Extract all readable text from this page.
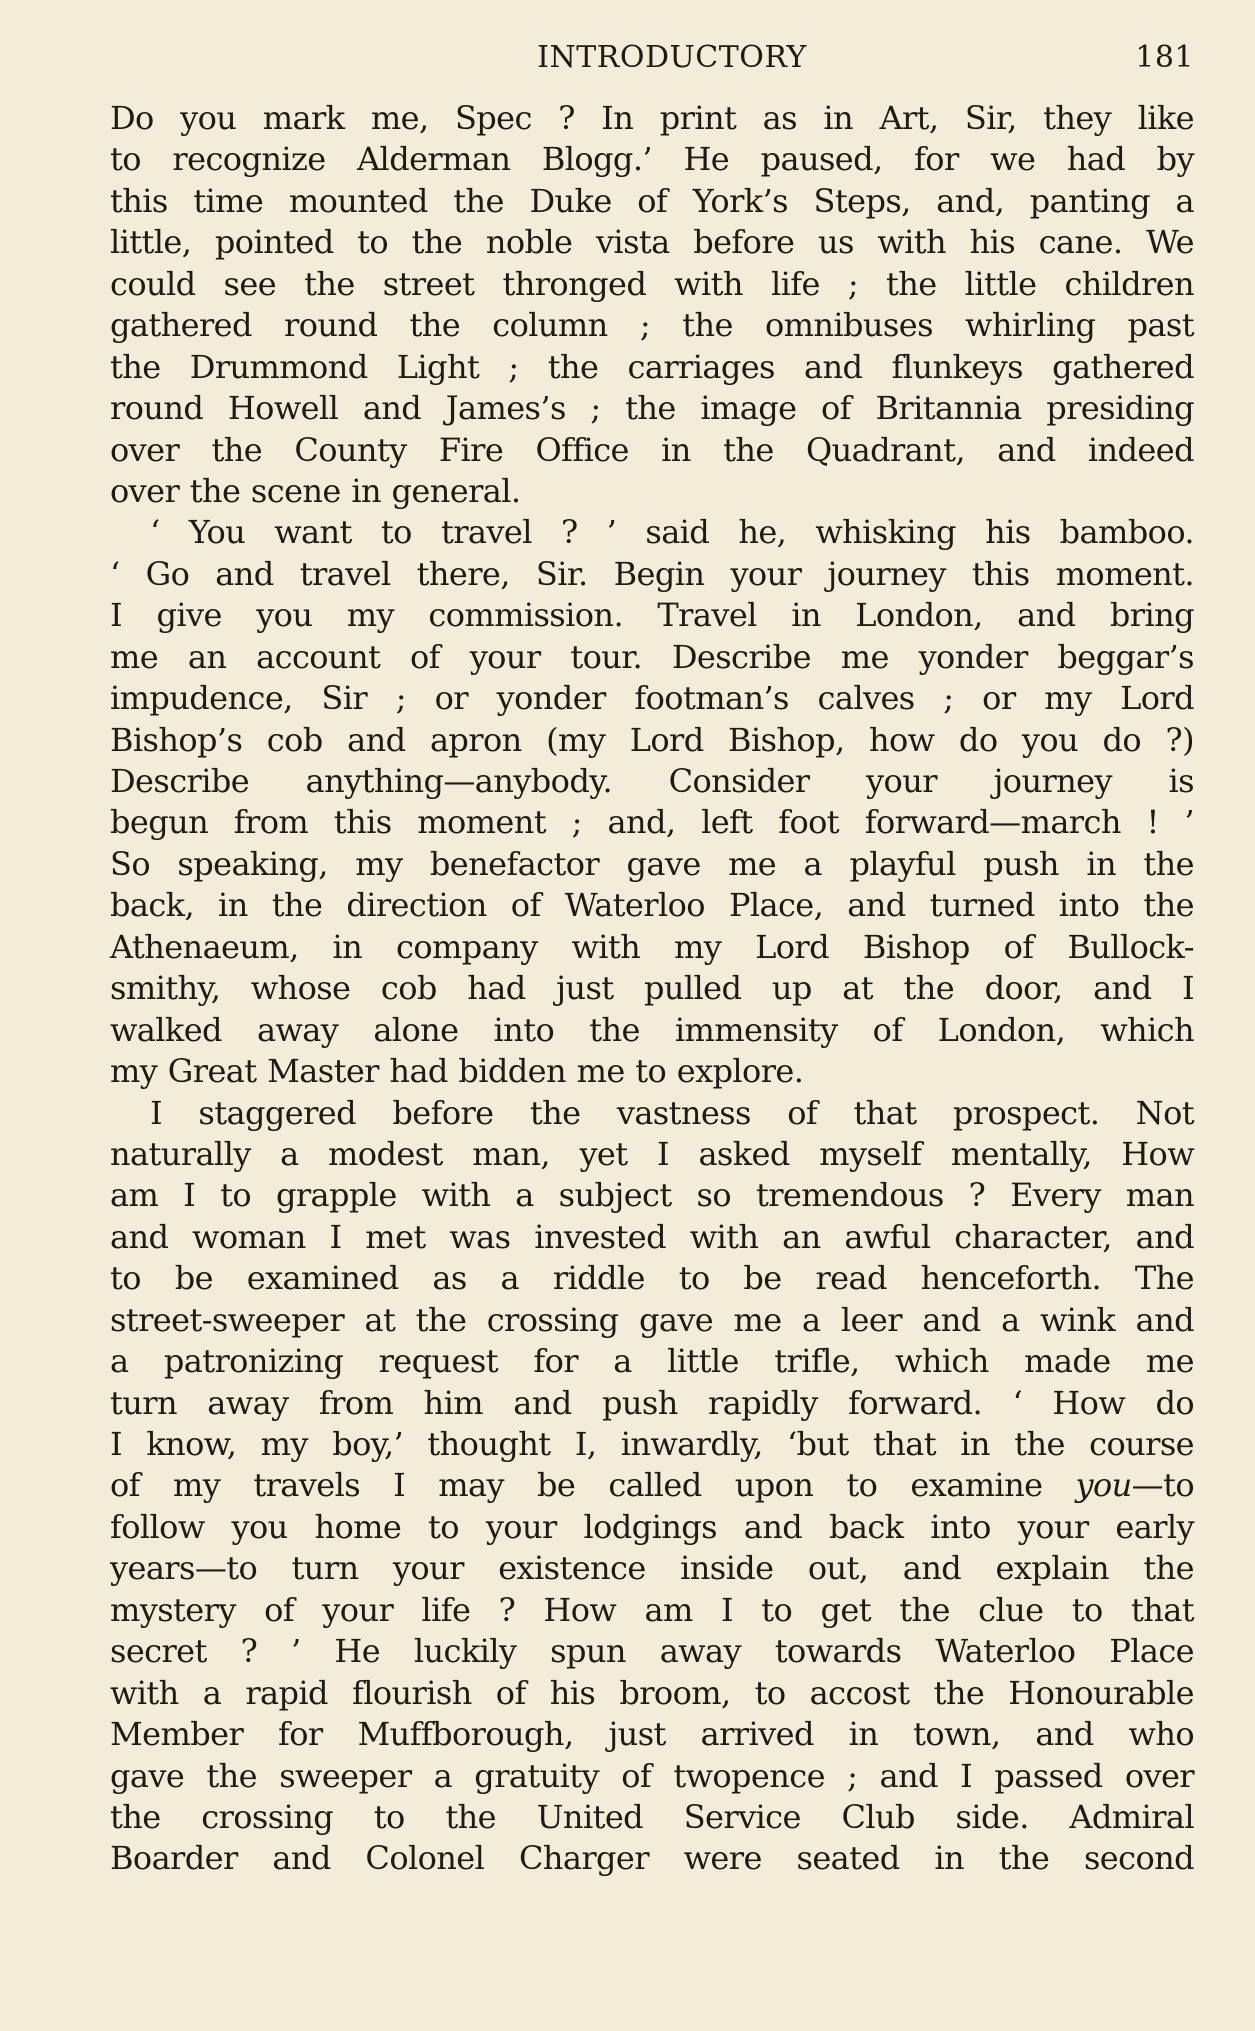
INTRODUCTORY	181
Do you mark me, Spec ? In print as in Art, Sir, they like
to recognize Alderman Blogg.’ He paused, for we had by
this time mounted the Duke of York’s Steps, and, panting a
little, pointed to the noble vista before us with his cane. We
could see the street thronged with life ; the little children
gathered round the column ; the omnibuses whirling past
the Drummond Light ; the carriages and flunkeys gathered
round Howell and James’s ; the image of Britannia presiding
over the County Fire Office in the Quadrant, and indeed
over the scene in general.
‘ You want to travel ? ’ said he, whisking his bamboo.
‘ Go and travel there, Sir. Begin your journey this moment.
I give you my commission. Travel in London, and bring
me an account of your tour. Describe me yonder beggar’s
impudence, Sir ; or yonder footman’s calves ; or my Lord
Bishop’s cob and apron (my Lord Bishop, how do you do ?)
Describe anything—anybody. Consider your journey is
begun from this moment ; and, left foot forward—march ! ’
So speaking, my benefactor gave me a playful push in the
back, in the direction of Waterloo Place, and turned into the
Athenaeum, in company with my Lord Bishop of Bullock-
smithy, whose cob had just pulled up at the door, and I
walked away alone into the immensity of London, which
my Great Master had bidden me to explore.
I staggered before the vastness of that prospect. Not
naturally a modest man, yet I asked myself mentally, How
am I to grapple with a subject so tremendous ? Every man
and woman I met was invested with an awful character, and
to be examined as a riddle to be read henceforth. The
street-sweeper at the crossing gave me a leer and a wink and
a patronizing request for a little trifle, which made me
turn away from him and push rapidly forward. ‘ How do
I know, my boy,’ thought I, inwardly, ‘but that in the course
of my travels I may be called upon to examine you—to
follow you home to your lodgings and back into your early
years—to turn your existence inside out, and explain the
mystery of your life ? How am I to get the clue to that
secret ? ’ He luckily spun away towards Waterloo Place
with a rapid flourish of his broom, to accost the Honourable
Member for Muffborough, just arrived in town, and who
gave the sweeper a gratuity of twopence ; and I passed over
the crossing to the United Service Club side. Admiral
Boarder and Colonel Charger were seated in the second
